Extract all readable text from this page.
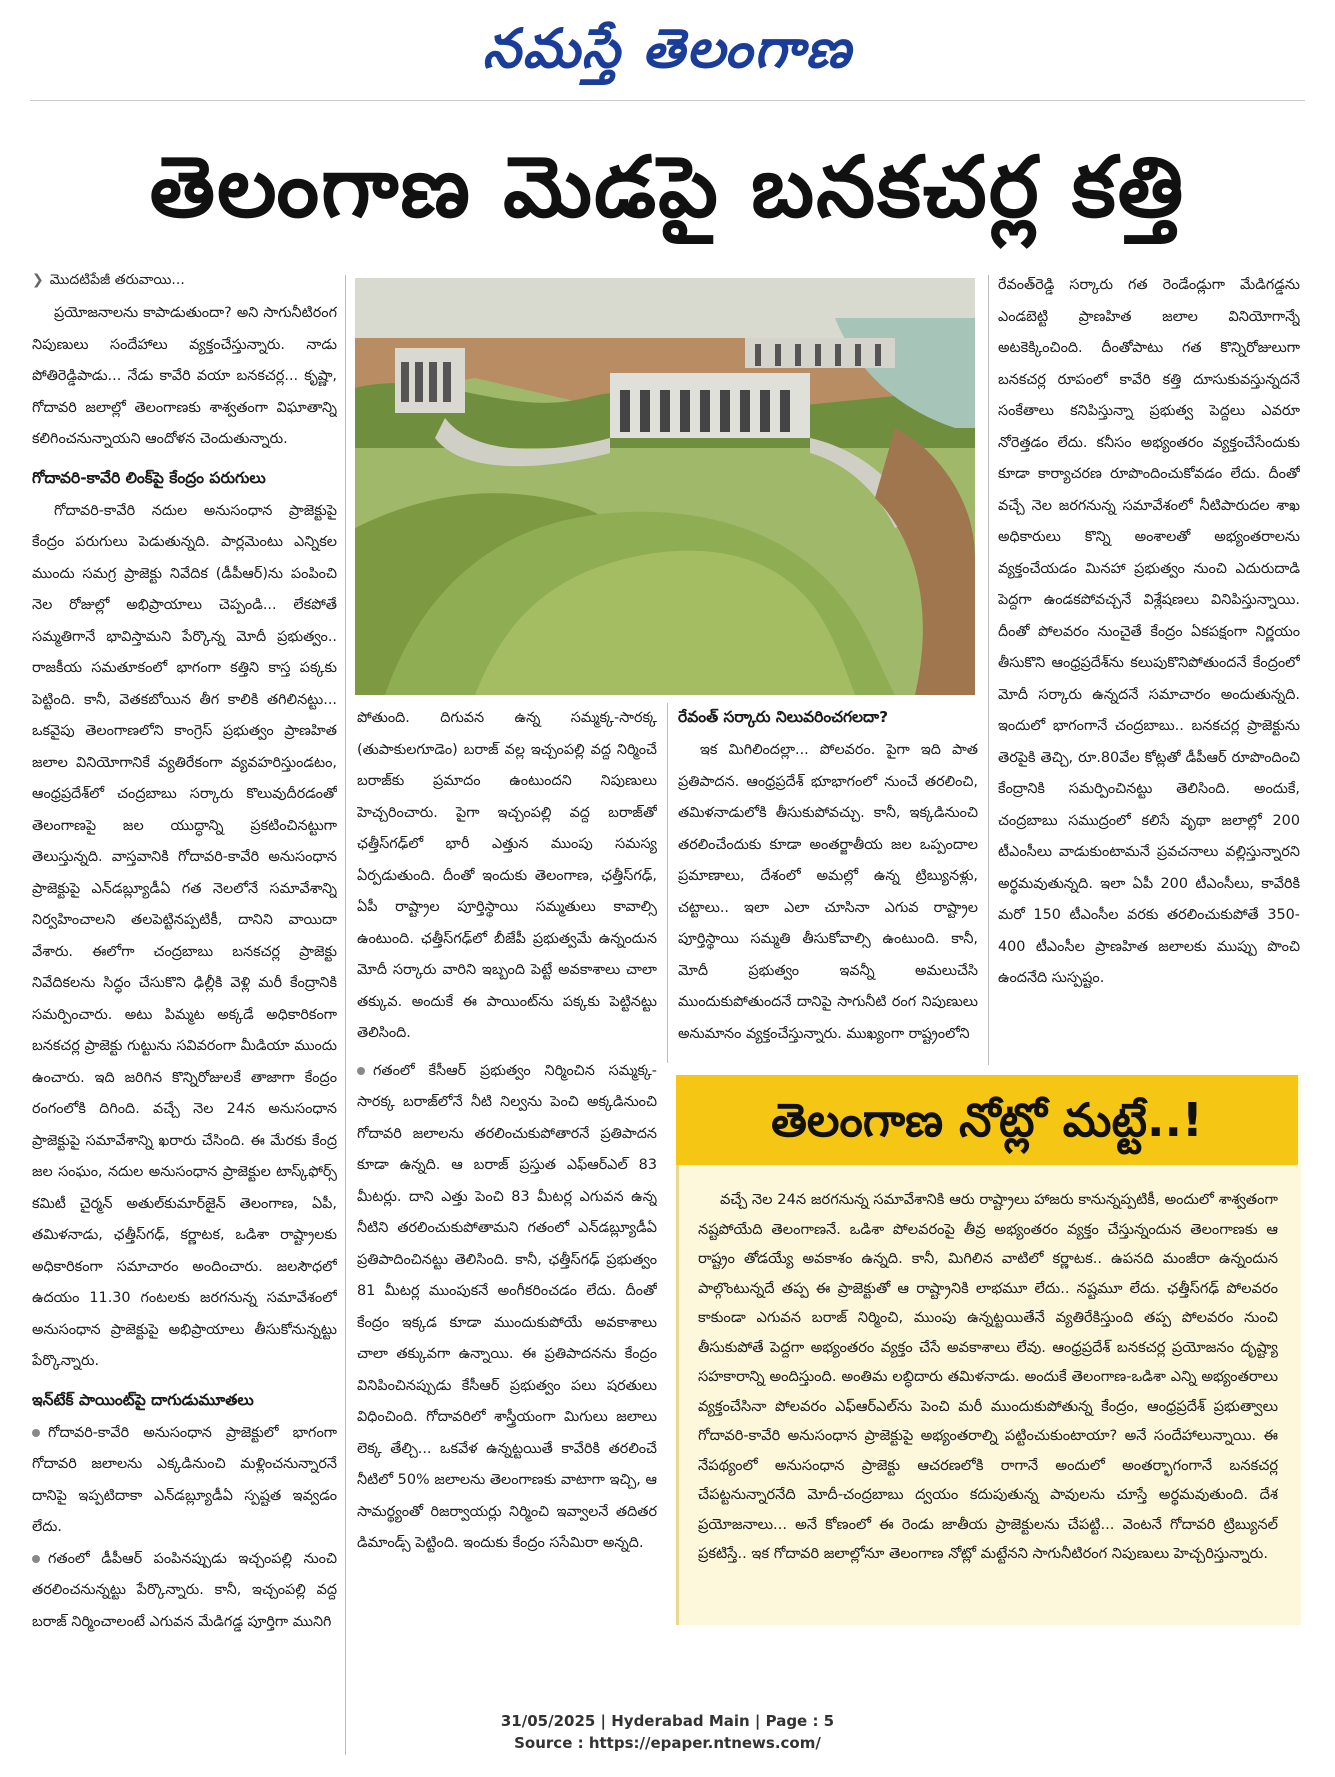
నమస్తే తెలంగాణ
తెలంగాణ మెడపై బనకచర్ల కత్తి
❯ మొదటిపేజీ తరువాయి...

ప్రయోజనాలను కాపాడుతుందా? అని సాగునీటిరంగ నిపుణులు సందేహాలు వ్యక్తంచేస్తున్నారు. నాడు పోతిరెడ్డిపాడు... నేడు కావేరి వయా బనకచర్ల... కృష్ణా, గోదావరి జలాల్లో తెలంగాణకు శాశ్వతంగా విఘాతాన్ని కలిగించనున్నాయని ఆందోళన చెందుతున్నారు.

గోదావరి-కావేరి లింక్‌పై కేంద్రం పరుగులు

గోదావరి-కావేరి నదుల అనుసంధాన ప్రాజెక్టుపై కేంద్రం పరుగులు పెడుతున్నది. పార్లమెంటు ఎన్నికల ముందు సమగ్ర ప్రాజెక్టు నివేదిక (డీపీఆర్)ను పంపించి నెల రోజుల్లో అభిప్రాయాలు చెప్పండి... లేకపోతే సమ్మతిగానే భావిస్తామని పేర్కొన్న మోదీ ప్రభుత్వం.. రాజకీయ సమతూకంలో భాగంగా కత్తిని కాస్త పక్కకు పెట్టింది. కానీ, వెతకబోయిన తీగ కాలికి తగిలినట్టు... ఒకవైపు తెలంగాణలోని కాంగ్రెస్ ప్రభుత్వం ప్రాణహిత జలాల వినియోగానికే వ్యతిరేకంగా వ్యవహరిస్తుండటం, ఆంధ్రప్రదేశ్‌లో చంద్రబాబు సర్కారు కొలువుదీరడంతో తెలంగాణపై జల యుద్ధాన్ని ప్రకటించినట్టుగా తెలుస్తున్నది. వాస్తవానికి గోదావరి-కావేరి అనుసంధాన ప్రాజెక్టుపై ఎన్‌డబ్ల్యూడీఏ గత నెలలోనే సమావేశాన్ని నిర్వహించాలని తలపెట్టినప్పటికీ, దానిని వాయిదా వేశారు. ఈలోగా చంద్రబాబు బనకచర్ల ప్రాజెక్టు నివేదికలను సిద్ధం చేసుకొని ఢిల్లీకి వెళ్లి మరీ కేంద్రానికి సమర్పించారు. అటు పిమ్మట అక్కడే అధికారికంగా బనకచర్ల ప్రాజెక్టు గుట్టును సవివరంగా మీడియా ముందు ఉంచారు. ఇది జరిగిన కొన్నిరోజులకే తాజాగా కేంద్రం రంగంలోకి దిగింది. వచ్చే నెల 24న అనుసంధాన ప్రాజెక్టుపై సమావేశాన్ని ఖరారు చేసింది. ఈ మేరకు కేంద్ర జల సంఘం, నదుల అనుసంధాన ప్రాజెక్టుల టాస్క్‌ఫోర్స్ కమిటీ చైర్మన్ అతుల్‌కుమార్‌జైన్ తెలంగాణ, ఏపీ, తమిళనాడు, ఛత్తీస్‌గఢ్, కర్ణాటక, ఒడిశా రాష్ట్రాలకు అధికారికంగా సమాచారం అందించారు. జలసౌధలో ఉదయం 11.30 గంటలకు జరగనున్న సమావేశంలో అనుసంధాన ప్రాజెక్టుపై అభిప్రాయాలు తీసుకోనున్నట్టు పేర్కొన్నారు.

ఇన్‌టేక్ పాయింట్‌పై దాగుడుమూతలు

గోదావరి-కావేరి అనుసంధాన ప్రాజెక్టులో భాగంగా గోదావరి జలాలను ఎక్కడినుంచి మళ్లించనున్నారనే దానిపై ఇప్పటిదాకా ఎన్‌డబ్ల్యూడీఏ స్పష్టత ఇవ్వడం లేదు.

గతంలో డీపీఆర్ పంపినప్పుడు ఇచ్చంపల్లి నుంచి తరలించనున్నట్టు పేర్కొన్నారు. కానీ, ఇచ్చంపల్లి వద్ద బరాజ్ నిర్మించాలంటే ఎగువన మేడిగడ్డ పూర్తిగా మునిగి

పోతుంది. దిగువన ఉన్న సమ్మక్క-సారక్క (తుపాకులగూడెం) బరాజ్ వల్ల ఇచ్చంపల్లి వద్ద నిర్మించే బరాజ్‌కు ప్రమాదం ఉంటుందని నిపుణులు హెచ్చరించారు. పైగా ఇచ్చంపల్లి వద్ద బరాజ్‌తో ఛత్తీస్‌గఢ్‌లో భారీ ఎత్తున ముంపు సమస్య ఏర్పడుతుంది. దీంతో ఇందుకు తెలంగాణ, ఛత్తీస్‌గఢ్, ఏపీ రాష్ట్రాల పూర్తిస్థాయి సమ్మతులు కావాల్సి ఉంటుంది. ఛత్తీస్‌గఢ్‌లో బీజేపీ ప్రభుత్వమే ఉన్నందున మోదీ సర్కారు వారిని ఇబ్బంది పెట్టే అవకాశాలు చాలా తక్కువ. అందుకే ఈ పాయింట్‌ను పక్కకు పెట్టినట్టు తెలిసింది.

గతంలో కేసీఆర్ ప్రభుత్వం నిర్మించిన సమ్మక్క-సారక్క బరాజ్‌లోనే నీటి నిల్వను పెంచి అక్కడినుంచి గోదావరి జలాలను తరలించుకుపోతారనే ప్రతిపాదన కూడా ఉన్నది. ఆ బరాజ్ ప్రస్తుత ఎఫ్‌ఆర్‌ఎల్ 83 మీటర్లు. దాని ఎత్తు పెంచి 83 మీటర్ల ఎగువన ఉన్న నీటిని తరలించుకుపోతామని గతంలో ఎన్‌డబ్ల్యూడీఏ ప్రతిపాదించినట్టు తెలిసింది. కానీ, ఛత్తీస్‌గఢ్ ప్రభుత్వం 81 మీటర్ల ముంపుకనే అంగీకరించడం లేదు. దీంతో కేంద్రం ఇక్కడ కూడా ముందుకుపోయే అవకాశాలు చాలా తక్కువగా ఉన్నాయి. ఈ ప్రతిపాదనను కేంద్రం వినిపించినప్పుడు కేసీఆర్ ప్రభుత్వం పలు షరతులు విధించింది. గోదావరిలో శాస్త్రీయంగా మిగులు జలాలు లెక్క తేల్చి... ఒకవేళ ఉన్నట్టయితే కావేరికి తరలించే నీటిలో 50% జలాలను తెలంగాణకు వాటాగా ఇచ్చి, ఆ సామర్థ్యంతో రిజర్వాయర్లు నిర్మించి ఇవ్వాలనే తదితర డిమాండ్స్ పెట్టింది. ఇందుకు కేంద్రం ససేమిరా అన్నది.

రేవంత్ సర్కారు నిలువరించగలదా?

ఇక మిగిలిందల్లా... పోలవరం. పైగా ఇది పాత ప్రతిపాదన. ఆంధ్రప్రదేశ్ భూభాగంలో నుంచే తరలించి, తమిళనాడులోకి తీసుకుపోవచ్చు. కానీ, ఇక్కడినుంచి తరలించేందుకు కూడా అంతర్జాతీయ జల ఒప్పందాల ప్రమాణాలు, దేశంలో అమల్లో ఉన్న ట్రిబ్యునళ్లు, చట్టాలు.. ఇలా ఎలా చూసినా ఎగువ రాష్ట్రాల పూర్తిస్థాయి సమ్మతి తీసుకోవాల్సి ఉంటుంది. కానీ, మోదీ ప్రభుత్వం ఇవన్నీ అమలుచేసి ముందుకుపోతుందనే దానిపై సాగునీటి రంగ నిపుణులు అనుమానం వ్యక్తంచేస్తున్నారు. ముఖ్యంగా రాష్ట్రంలోని

రేవంత్‌రెడ్డి సర్కారు గత రెండేండ్లుగా మేడిగడ్డను ఎండబెట్టి ప్రాణహిత జలాల వినియోగాన్నే అటకెక్కించింది. దీంతోపాటు గత కొన్నిరోజులుగా బనకచర్ల రూపంలో కావేరి కత్తి దూసుకువస్తున్నదనే సంకేతాలు కనిపిస్తున్నా ప్రభుత్వ పెద్దలు ఎవరూ నోరెత్తడం లేదు. కనీసం అభ్యంతరం వ్యక్తంచేసేందుకు కూడా కార్యాచరణ రూపొందించుకోవడం లేదు. దీంతో వచ్చే నెల జరగనున్న సమావేశంలో నీటిపారుదల శాఖ అధికారులు కొన్ని అంశాలతో అభ్యంతరాలను వ్యక్తంచేయడం మినహా ప్రభుత్వం నుంచి ఎదురుదాడి పెద్దగా ఉండకపోవచ్చనే విశ్లేషణలు వినిపిస్తున్నాయి. దీంతో పోలవరం నుంచైతే కేంద్రం ఏకపక్షంగా నిర్ణయం తీసుకొని ఆంధ్రప్రదేశ్‌ను కలుపుకొనిపోతుందనే కేంద్రంలో మోదీ సర్కారు ఉన్నదనే సమాచారం అందుతున్నది. ఇందులో భాగంగానే చంద్రబాబు.. బనకచర్ల ప్రాజెక్టును తెరపైకి తెచ్చి, రూ.80వేల కోట్లతో డీపీఆర్ రూపొందించి కేంద్రానికి సమర్పించినట్టు తెలిసింది. అందుకే, చంద్రబాబు సముద్రంలో కలిసే వృథా జలాల్లో 200 టీఎంసీలు వాడుకుంటామనే ప్రవచనాలు వల్లిస్తున్నారని అర్థమవుతున్నది. ఇలా ఏపీ 200 టీఎంసీలు, కావేరికి మరో 150 టీఎంసీల వరకు తరలించుకుపోతే 350-400 టీఎంసీల ప్రాణహిత జలాలకు ముప్పు పొంచి ఉందనేది సుస్పష్టం.

తెలంగాణ నోట్లో మట్టే..!

వచ్చే నెల 24న జరగనున్న సమావేశానికి ఆరు రాష్ట్రాలు హాజరు కానున్నప్పటికీ, అందులో శాశ్వతంగా నష్టపోయేది తెలంగాణనే. ఒడిశా పోలవరంపై తీవ్ర అభ్యంతరం వ్యక్తం చేస్తున్నందున తెలంగాణకు ఆ రాష్ట్రం తోడయ్యే అవకాశం ఉన్నది. కానీ, మిగిలిన వాటిలో కర్ణాటక.. ఉపనది మంజీరా ఉన్నందున పాల్గొంటున్నదే తప్ప ఈ ప్రాజెక్టుతో ఆ రాష్ట్రానికి లాభమూ లేదు.. నష్టమూ లేదు. ఛత్తీస్‌గఢ్ పోలవరం కాకుండా ఎగువన బరాజ్ నిర్మించి, ముంపు ఉన్నట్టయితేనే వ్యతిరేకిస్తుంది తప్ప పోలవరం నుంచి తీసుకుపోతే పెద్దగా అభ్యంతరం వ్యక్తం చేసే అవకాశాలు లేవు. ఆంధ్రప్రదేశ్ బనకచర్ల ప్రయోజనం దృష్ట్యా సహకారాన్ని అందిస్తుంది. అంతిమ లబ్ధిదారు తమిళనాడు. అందుకే తెలంగాణ-ఒడిశా ఎన్ని అభ్యంతరాలు వ్యక్తంచేసినా పోలవరం ఎఫ్‌ఆర్‌ఎల్‌ను పెంచి మరీ ముందుకుపోతున్న కేంద్రం, ఆంధ్రప్రదేశ్ ప్రభుత్వాలు గోదావరి-కావేరి అనుసంధాన ప్రాజెక్టుపై అభ్యంతరాల్ని పట్టించుకుంటాయా? అనే సందేహాలున్నాయి. ఈ నేపథ్యంలో అనుసంధాన ప్రాజెక్టు ఆచరణలోకి రాగానే అందులో అంతర్భాగంగానే బనకచర్ల చేపట్టనున్నారనేది మోదీ-చంద్రబాబు ద్వయం కదుపుతున్న పావులను చూస్తే అర్థమవుతుంది. దేశ ప్రయోజనాలు... అనే కోణంలో ఈ రెండు జాతీయ ప్రాజెక్టులను చేపట్టి... వెంటనే గోదావరి ట్రిబ్యునల్ ప్రకటిస్తే.. ఇక గోదావరి జలాల్లోనూ తెలంగాణ నోట్లో మట్టేనని సాగునీటిరంగ నిపుణులు హెచ్చరిస్తున్నారు.

31/05/2025 | Hyderabad Main | Page : 5
Source : https://epaper.ntnews.com/
